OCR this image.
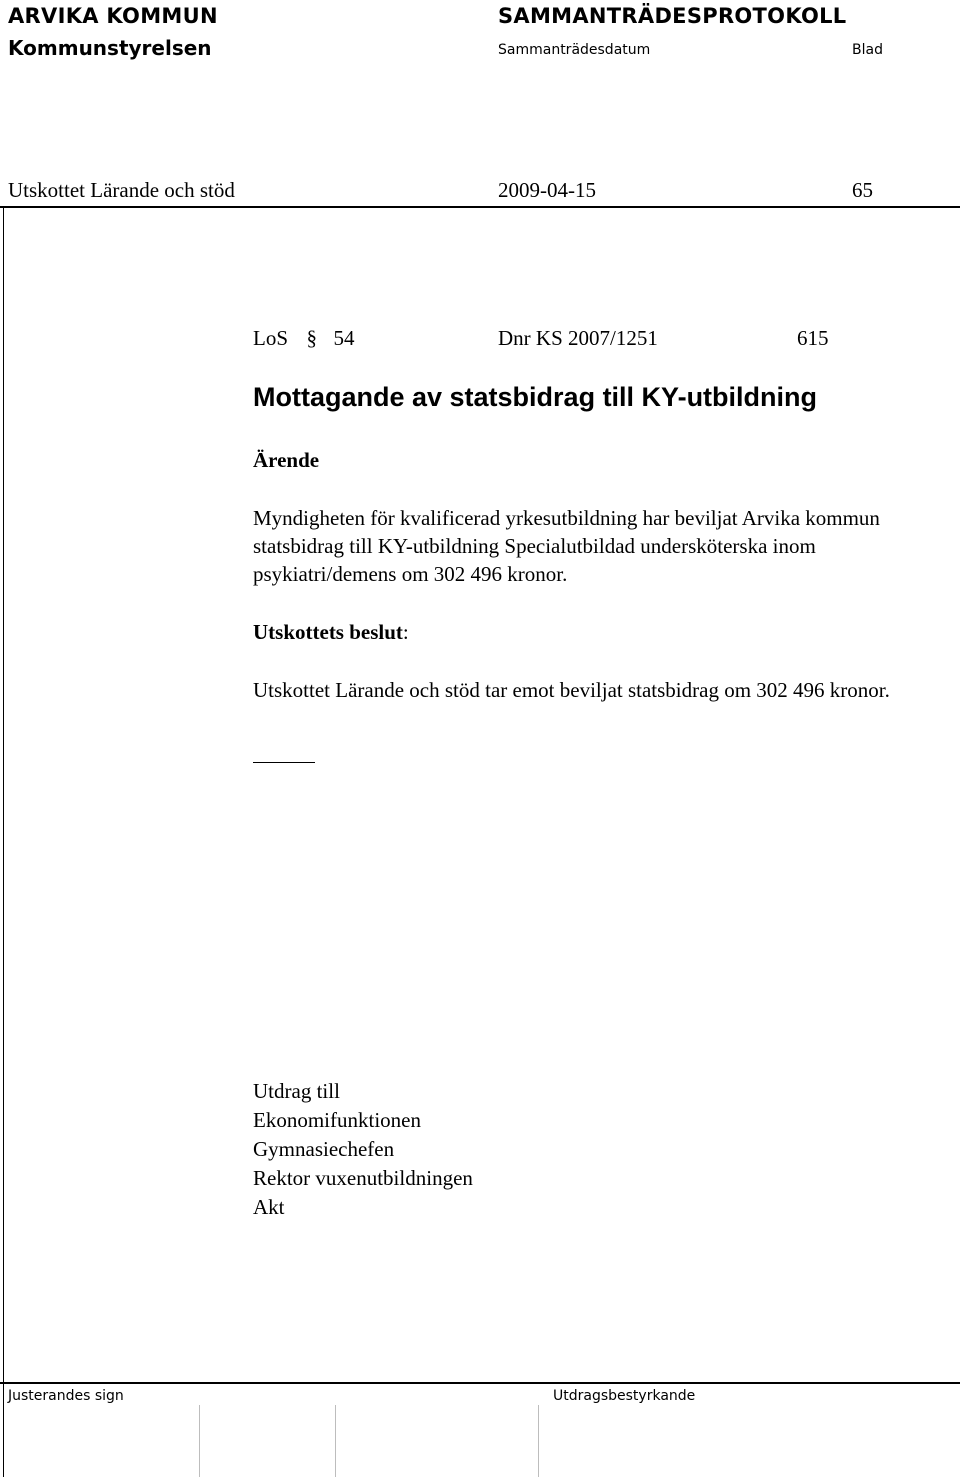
ARVIKA KOMMUN
Kommunstyrelsen
SAMMANTRÄDESPROTOKOLL
Sammanträdesdatum	Blad
Utskottet Lärande och stöd	2009-04-15	65
LoS § 54	Dnr KS 2007/1251	615
Mottagande av statsbidrag till KY-utbildning
Ärende
Myndigheten för kvalificerad yrkesutbildning har beviljat Arvika kommun statsbidrag till KY-utbildning Specialutbildad undersköterska inom psykiatri/demens om 302 496 kronor.
Utskottets beslut:
Utskottet Lärande och stöd tar emot beviljat statsbidrag om 302 496 kronor.
Utdrag till
Ekonomifunktionen
Gymnasiechefen
Rektor vuxenutbildningen
Akt
Justerandes sign	Utdragsbestyrkande
